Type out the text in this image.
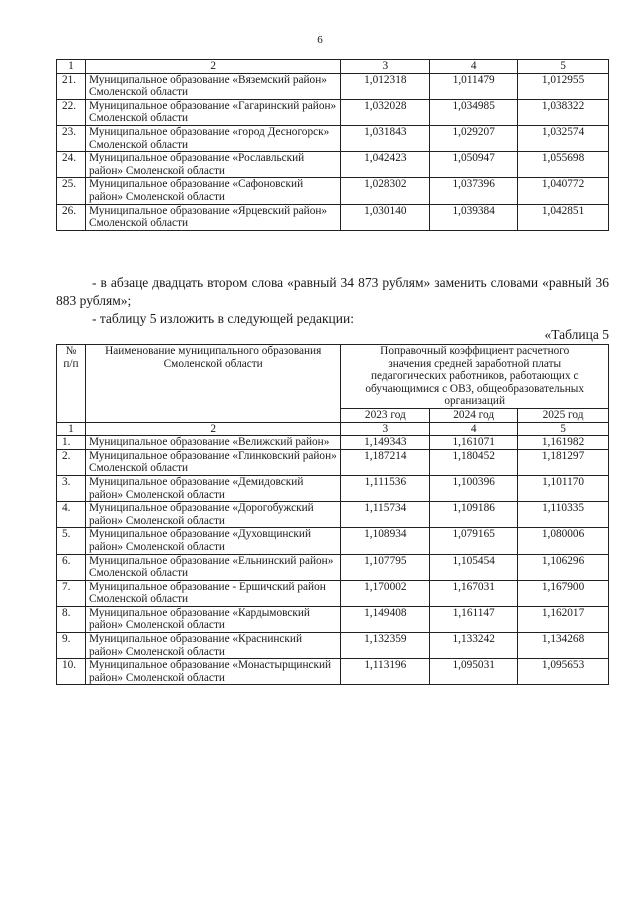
6
1	2	3	4	5
21.	Муниципальное образование «Вяземский район» Смоленской области	1,012318	1,011479	1,012955
22.	Муниципальное образование «Гагаринский район» Смоленской области	1,032028	1,034985	1,038322
23.	Муниципальное образование «город Десногорск» Смоленской области	1,031843	1,029207	1,032574
24.	Муниципальное образование «Рославльский район» Смоленской области	1,042423	1,050947	1,055698
25.	Муниципальное образование «Сафоновский район» Смоленской области	1,028302	1,037396	1,040772
26.	Муниципальное образование «Ярцевский район» Смоленской области	1,030140	1,039384	1,042851
- в абзаце двадцать втором слова «равный 34 873 рублям» заменить словами «равный 36 883 рублям»;
- таблицу 5 изложить в следующей редакции:
«Таблица 5
№ п/п	Наименование муниципального образования Смоленской области	Поправочный коэффициент расчетного значения средней заработной платы педагогических работников, работающих с обучающимися с ОВЗ, общеобразовательных организаций		
		2023 год	2024 год	2025 год
1	2	3	4	5
1.	Муниципальное образование «Велижский район»	1,149343	1,161071	1,161982
2.	Муниципальное образование «Глинковский район» Смоленской области	1,187214	1,180452	1,181297
3.	Муниципальное образование «Демидовский район» Смоленской области	1,111536	1,100396	1,101170
4.	Муниципальное образование «Дорогобужский район» Смоленской области	1,115734	1,109186	1,110335
5.	Муниципальное образование «Духовщинский район» Смоленской области	1,108934	1,079165	1,080006
6.	Муниципальное образование «Ельнинский район» Смоленской области	1,107795	1,105454	1,106296
7.	Муниципальное образование - Ершичский район Смоленской области	1,170002	1,167031	1,167900
8.	Муниципальное образование «Кардымовский район» Смоленской области	1,149408	1,161147	1,162017
9.	Муниципальное образование «Краснинский район» Смоленской области	1,132359	1,133242	1,134268
10.	Муниципальное образование «Монастырщинский район» Смоленской области	1,113196	1,095031	1,095653
